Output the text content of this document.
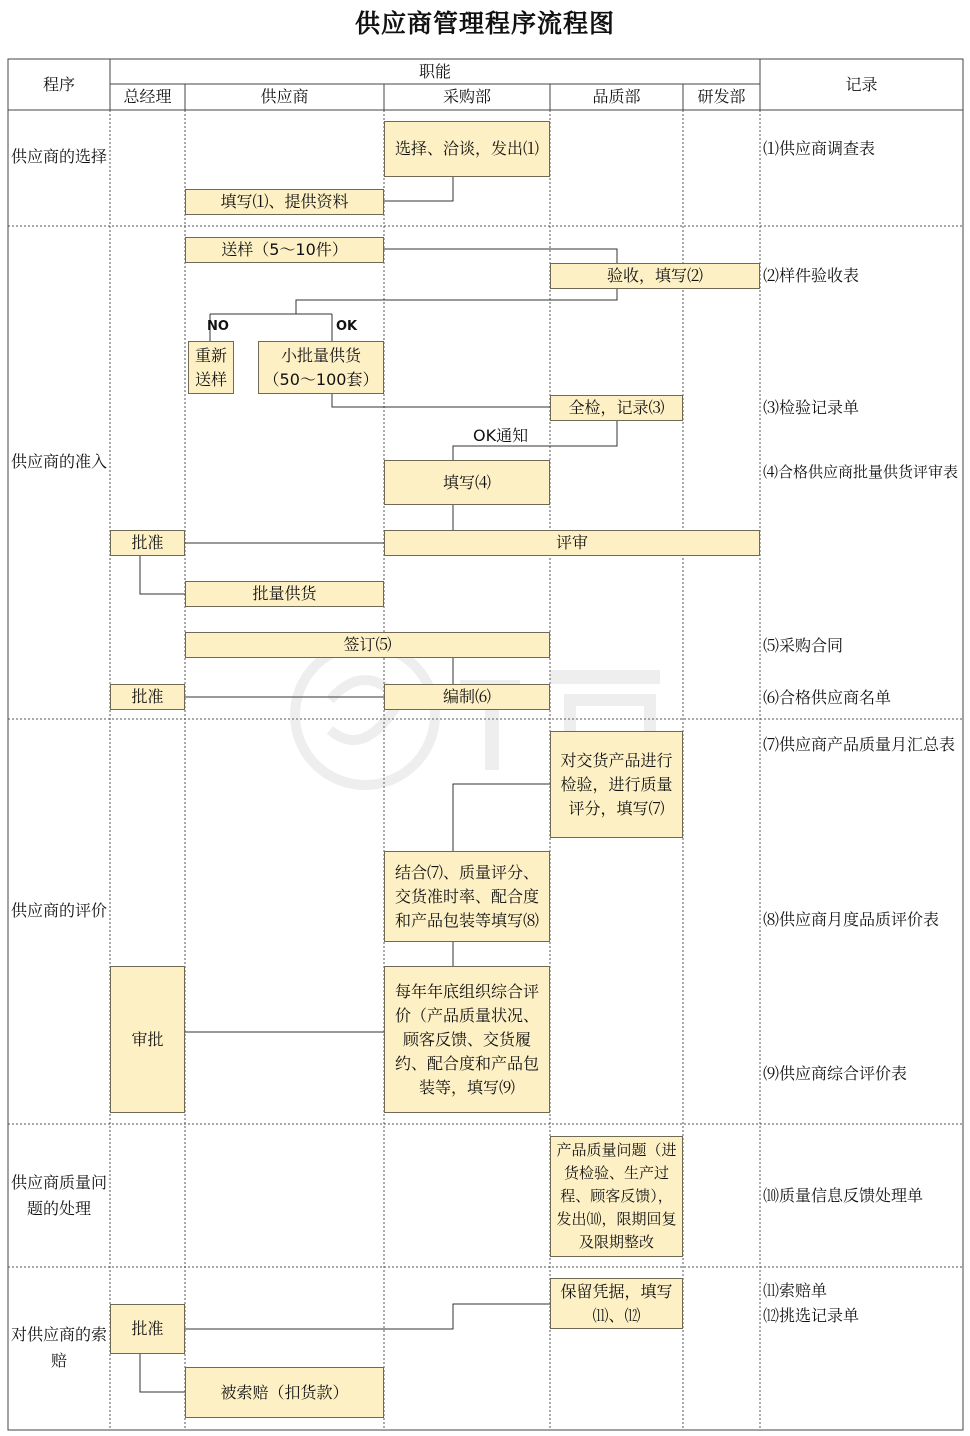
供应商管理程序流程图
程序
职能
记录
总经理	供应商	采购部	品质部	研发部
供应商的选择
供应商的准入
供应商的评价
供应商质量问题的处理
对供应商的索赔
选择、洽谈，发出⑴
填写⑴、提供资料
送样（5～10件）
验收，填写⑵
NO	OK
重新送样
小批量供货（50～100套）
全检，记录⑶
OK通知
填写⑷
批准	评审
批量供货
签订⑸
批准	编制⑹
对交货产品进行检验，进行质量评分，填写⑺
结合⑺、质量评分、交货准时率、配合度和产品包装等填写⑻
审批
每年年底组织综合评价（产品质量状况、顾客反馈、交货履约、配合度和产品包装等，填写⑼
产品质量问题（进货检验、生产过程、顾客反馈），发出⑽，限期回复及限期整改
保留凭据，填写⑾、⑿
批准
被索赔（扣货款）
⑴供应商调查表
⑵样件验收表
⑶检验记录单
⑷合格供应商批量供货评审表
⑸采购合同
⑹合格供应商名单
⑺供应商产品质量月汇总表
⑻供应商月度品质评价表
⑼供应商综合评价表
⑽质量信息反馈处理单
⑾索赔单
⑿挑选记录单
